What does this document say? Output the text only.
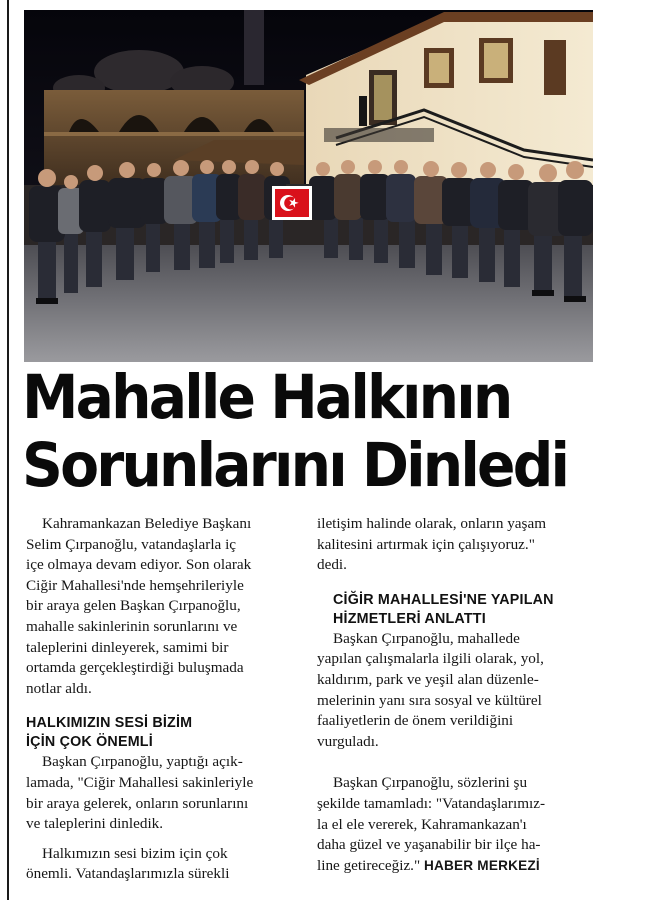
Mahalle Halkının
Sorunlarını Dinledi

Kahramankazan Belediye Başkanı

Selim Çırpanoğlu, vatandaşlarla iç

içe olmaya devam ediyor. Son olarak

Ciğir Mahallesi'nde hemşehrileriyle

bir araya gelen Başkan Çırpanoğlu,

mahalle sakinlerinin sorunlarını ve

taleplerini dinleyerek, samimi bir

ortamda gerçekleştirdiği buluşmada

notlar aldı.

HALKIMIZIN SESİ BİZİM

İÇİN ÇOK ÖNEMLİ

Başkan Çırpanoğlu, yaptığı açık-

lamada, "Ciğir Mahallesi sakinleriyle

bir araya gelerek, onların sorunlarını

ve taleplerini dinledik.

Halkımızın sesi bizim için çok

önemli. Vatandaşlarımızla sürekli

iletişim halinde olarak, onların yaşam

kalitesini artırmak için çalışıyoruz."

dedi.

CİĞİR MAHALLESİ'NE YAPILAN

HİZMETLERİ ANLATTI

Başkan Çırpanoğlu, mahallede

yapılan çalışmalarla ilgili olarak, yol,

kaldırım, park ve yeşil alan düzenle-

melerinin yanı sıra sosyal ve kültürel

faaliyetlerin de önem verildiğini

vurguladı.

Başkan Çırpanoğlu, sözlerini şu

şekilde tamamladı: "Vatandaşlarımız-

la el ele vererek, Kahramankazan'ı

daha güzel ve yaşanabilir bir ilçe ha-

line getireceğiz." HABER MERKEZİ
